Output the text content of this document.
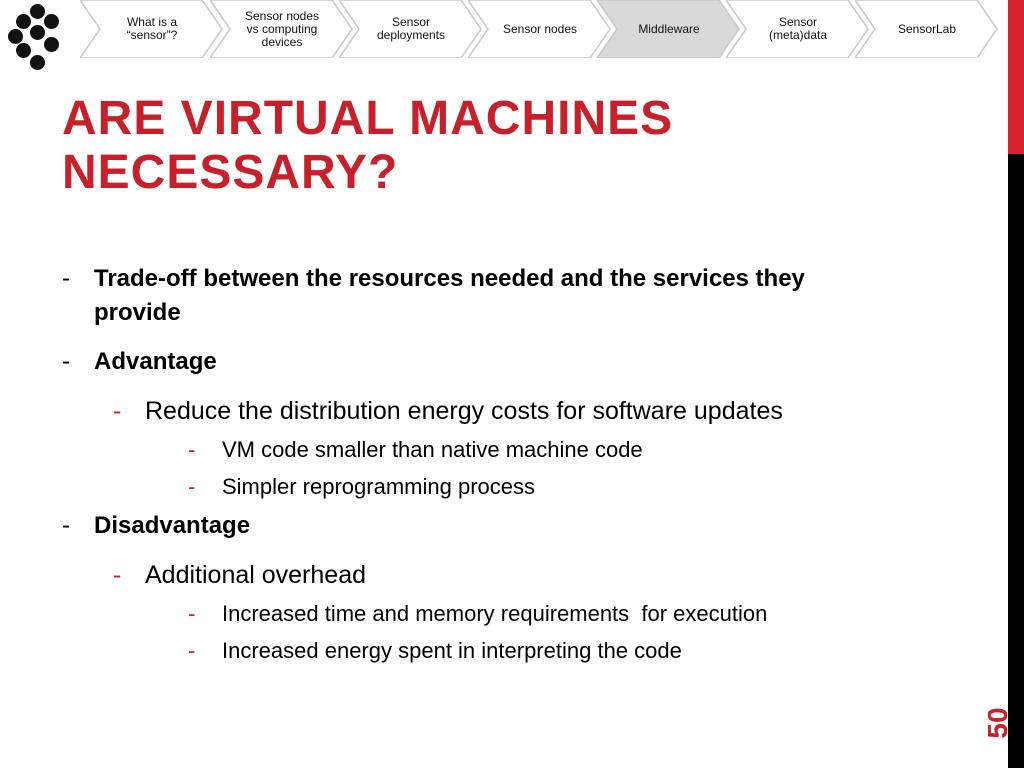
What is a
“sensor”?
Sensor nodes
vs computing
devices
Sensor
deployments	Sensor nodes	Middleware	Sensor
(meta)data	SensorLab
ARE VIRTUAL MACHINES NECESSARY?
- Trade-off between the resources needed and the services they provide
- Advantage
- Reduce the distribution energy costs for software updates
- VM code smaller than native machine code
- Simpler reprogramming process
- Disadvantage
- Additional overhead
- Increased time and memory requirements  for execution
- Increased energy spent in interpreting the code
50
